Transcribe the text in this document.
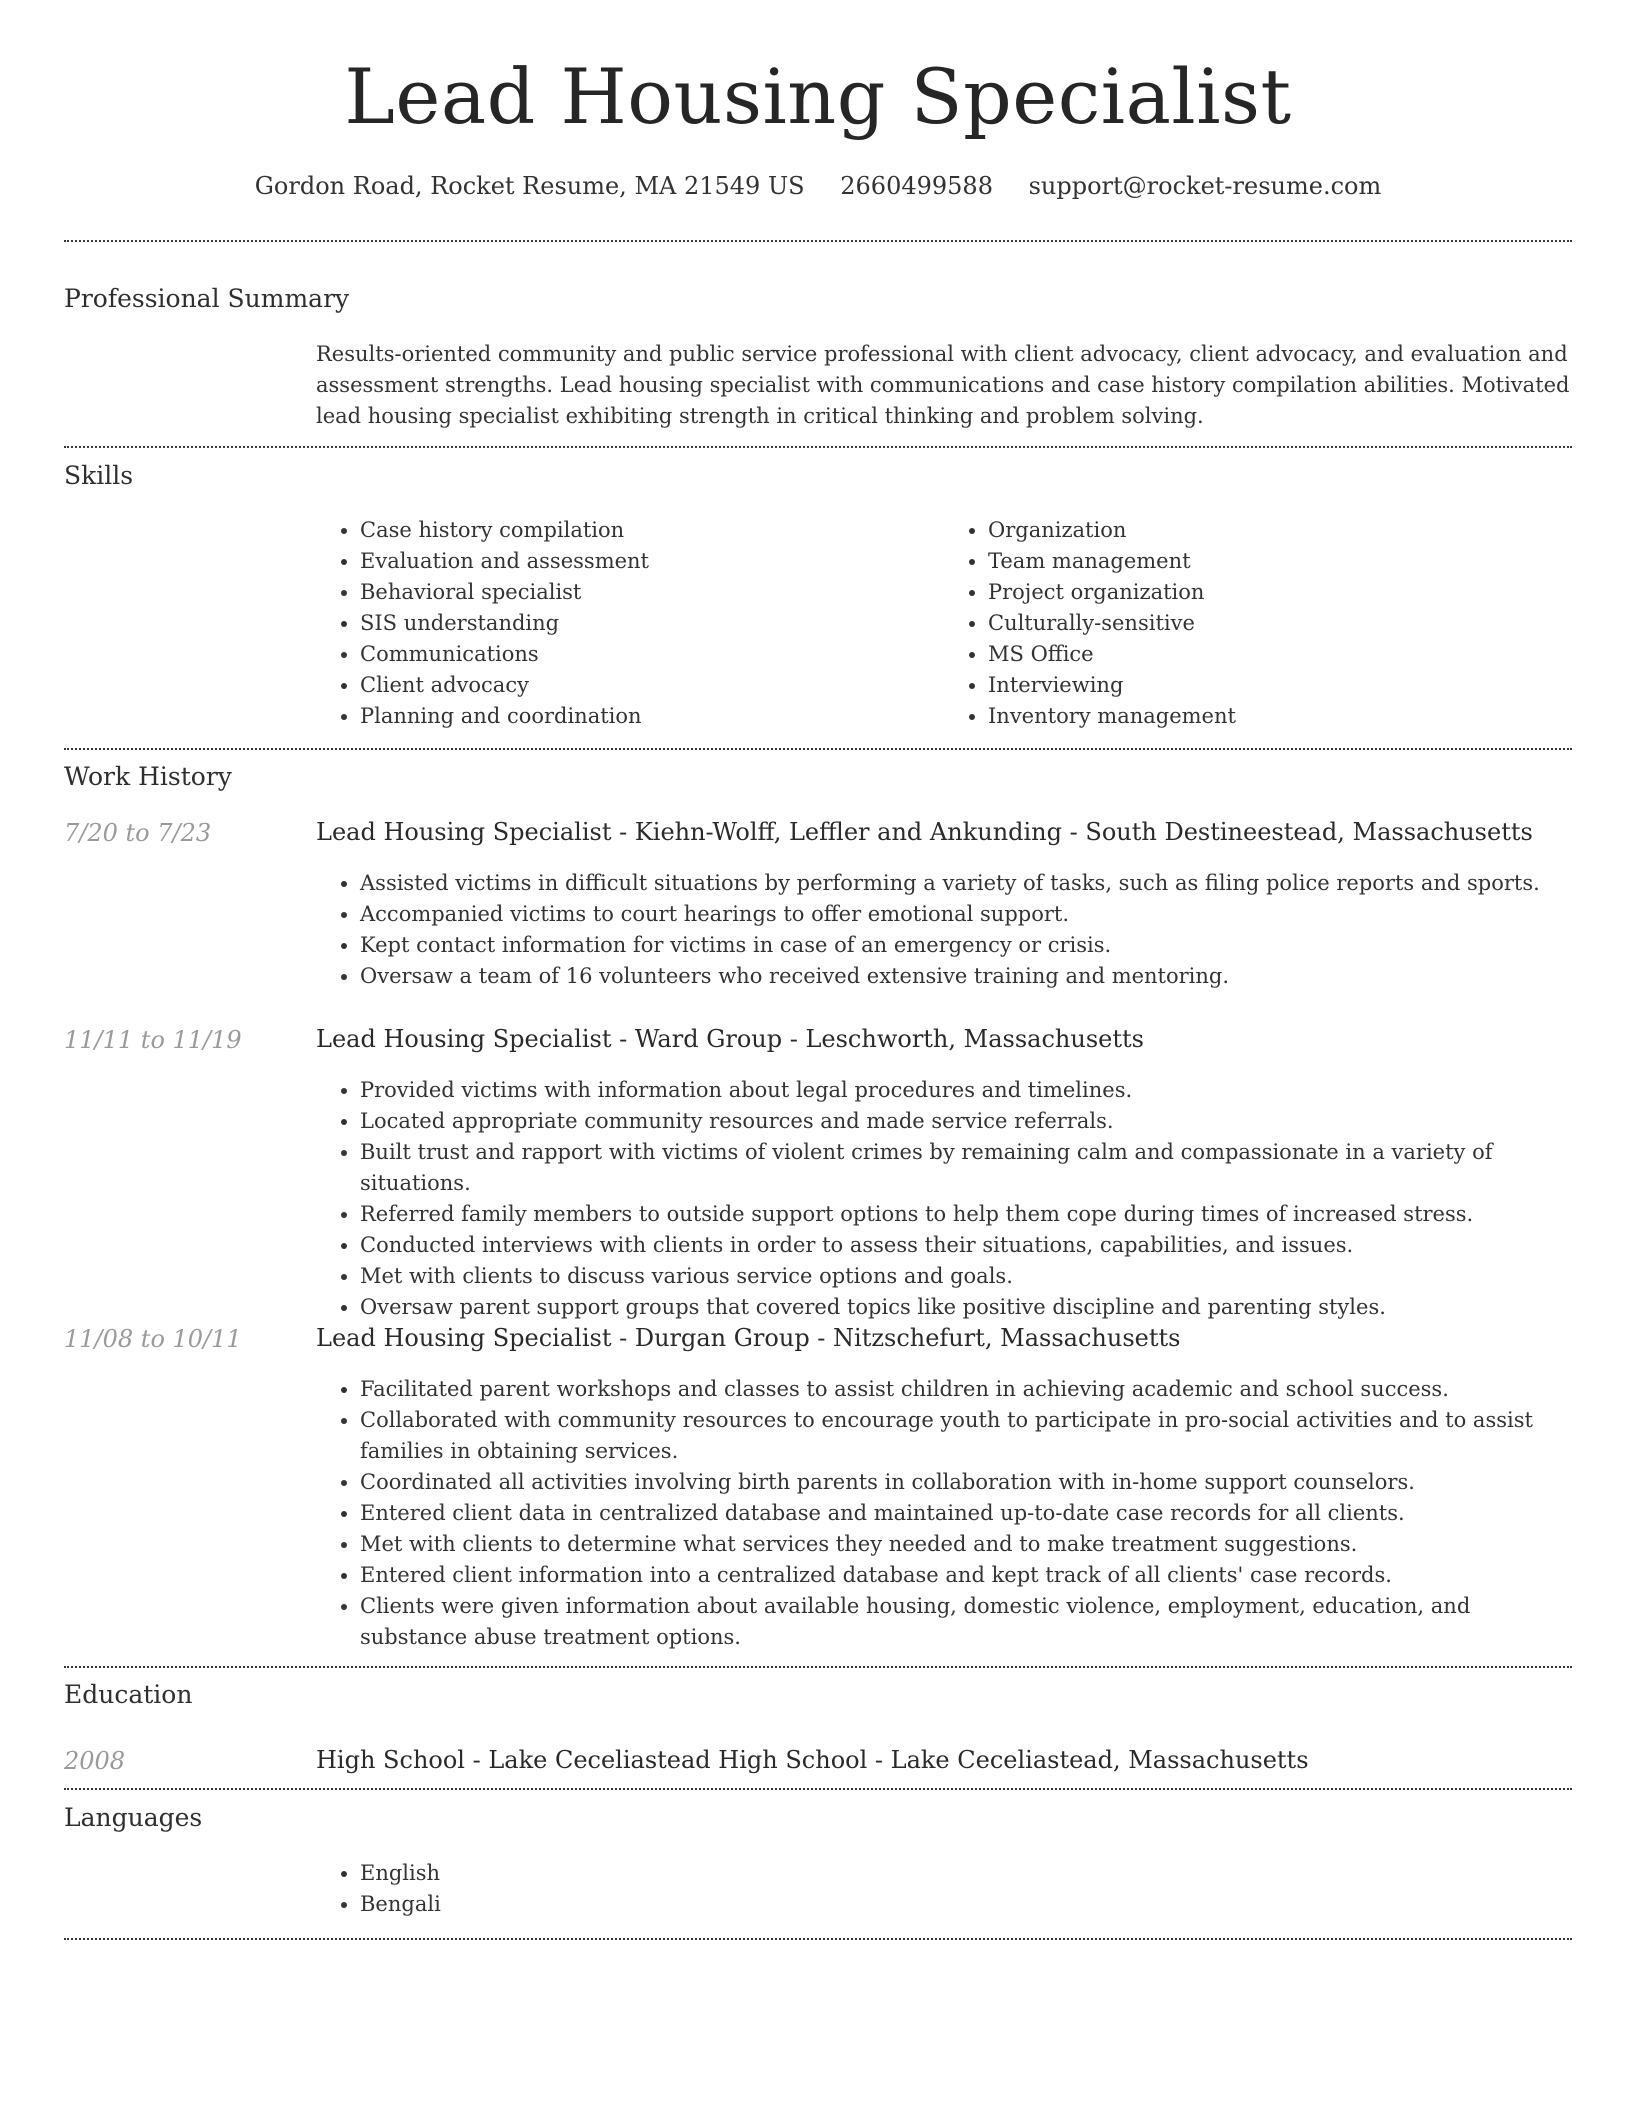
Lead Housing Specialist
Gordon Road, Rocket Resume, MA 21549 US 2660499588 support@rocket-resume.com
Professional Summary

Results-oriented community and public service professional with client advocacy, client advocacy, and evaluation and assessment strengths. Lead housing specialist with communications and case history compilation abilities. Motivated lead housing specialist exhibiting strength in critical thinking and problem solving.

Skills
• Case history compilation
• Evaluation and assessment
• Behavioral specialist
• SIS understanding
• Communications
• Client advocacy
• Planning and coordination
• Organization
• Team management
• Project organization
• Culturally-sensitive
• MS Office
• Interviewing
• Inventory management
Work History
7/20 to 7/23	Lead Housing Specialist - Kiehn-Wolff, Leffler and Ankunding - South Destineestead, Massachusetts
• Assisted victims in difficult situations by performing a variety of tasks, such as filing police reports and sports.
• Accompanied victims to court hearings to offer emotional support.
• Kept contact information for victims in case of an emergency or crisis.
• Oversaw a team of 16 volunteers who received extensive training and mentoring.
11/11 to 11/19	Lead Housing Specialist - Ward Group - Leschworth, Massachusetts
• Provided victims with information about legal procedures and timelines.
• Located appropriate community resources and made service referrals.
• Built trust and rapport with victims of violent crimes by remaining calm and compassionate in a variety of situations.
• Referred family members to outside support options to help them cope during times of increased stress.
• Conducted interviews with clients in order to assess their situations, capabilities, and issues.
• Met with clients to discuss various service options and goals.
• Oversaw parent support groups that covered topics like positive discipline and parenting styles.
11/08 to 10/11	Lead Housing Specialist - Durgan Group - Nitzschefurt, Massachusetts
• Facilitated parent workshops and classes to assist children in achieving academic and school success.
• Collaborated with community resources to encourage youth to participate in pro-social activities and to assist families in obtaining services.
• Coordinated all activities involving birth parents in collaboration with in-home support counselors.
• Entered client data in centralized database and maintained up-to-date case records for all clients.
• Met with clients to determine what services they needed and to make treatment suggestions.
• Entered client information into a centralized database and kept track of all clients' case records.
• Clients were given information about available housing, domestic violence, employment, education, and substance abuse treatment options.
Education
2008	High School - Lake Ceceliastead High School - Lake Ceceliastead, Massachusetts
Languages
• English
• Bengali
